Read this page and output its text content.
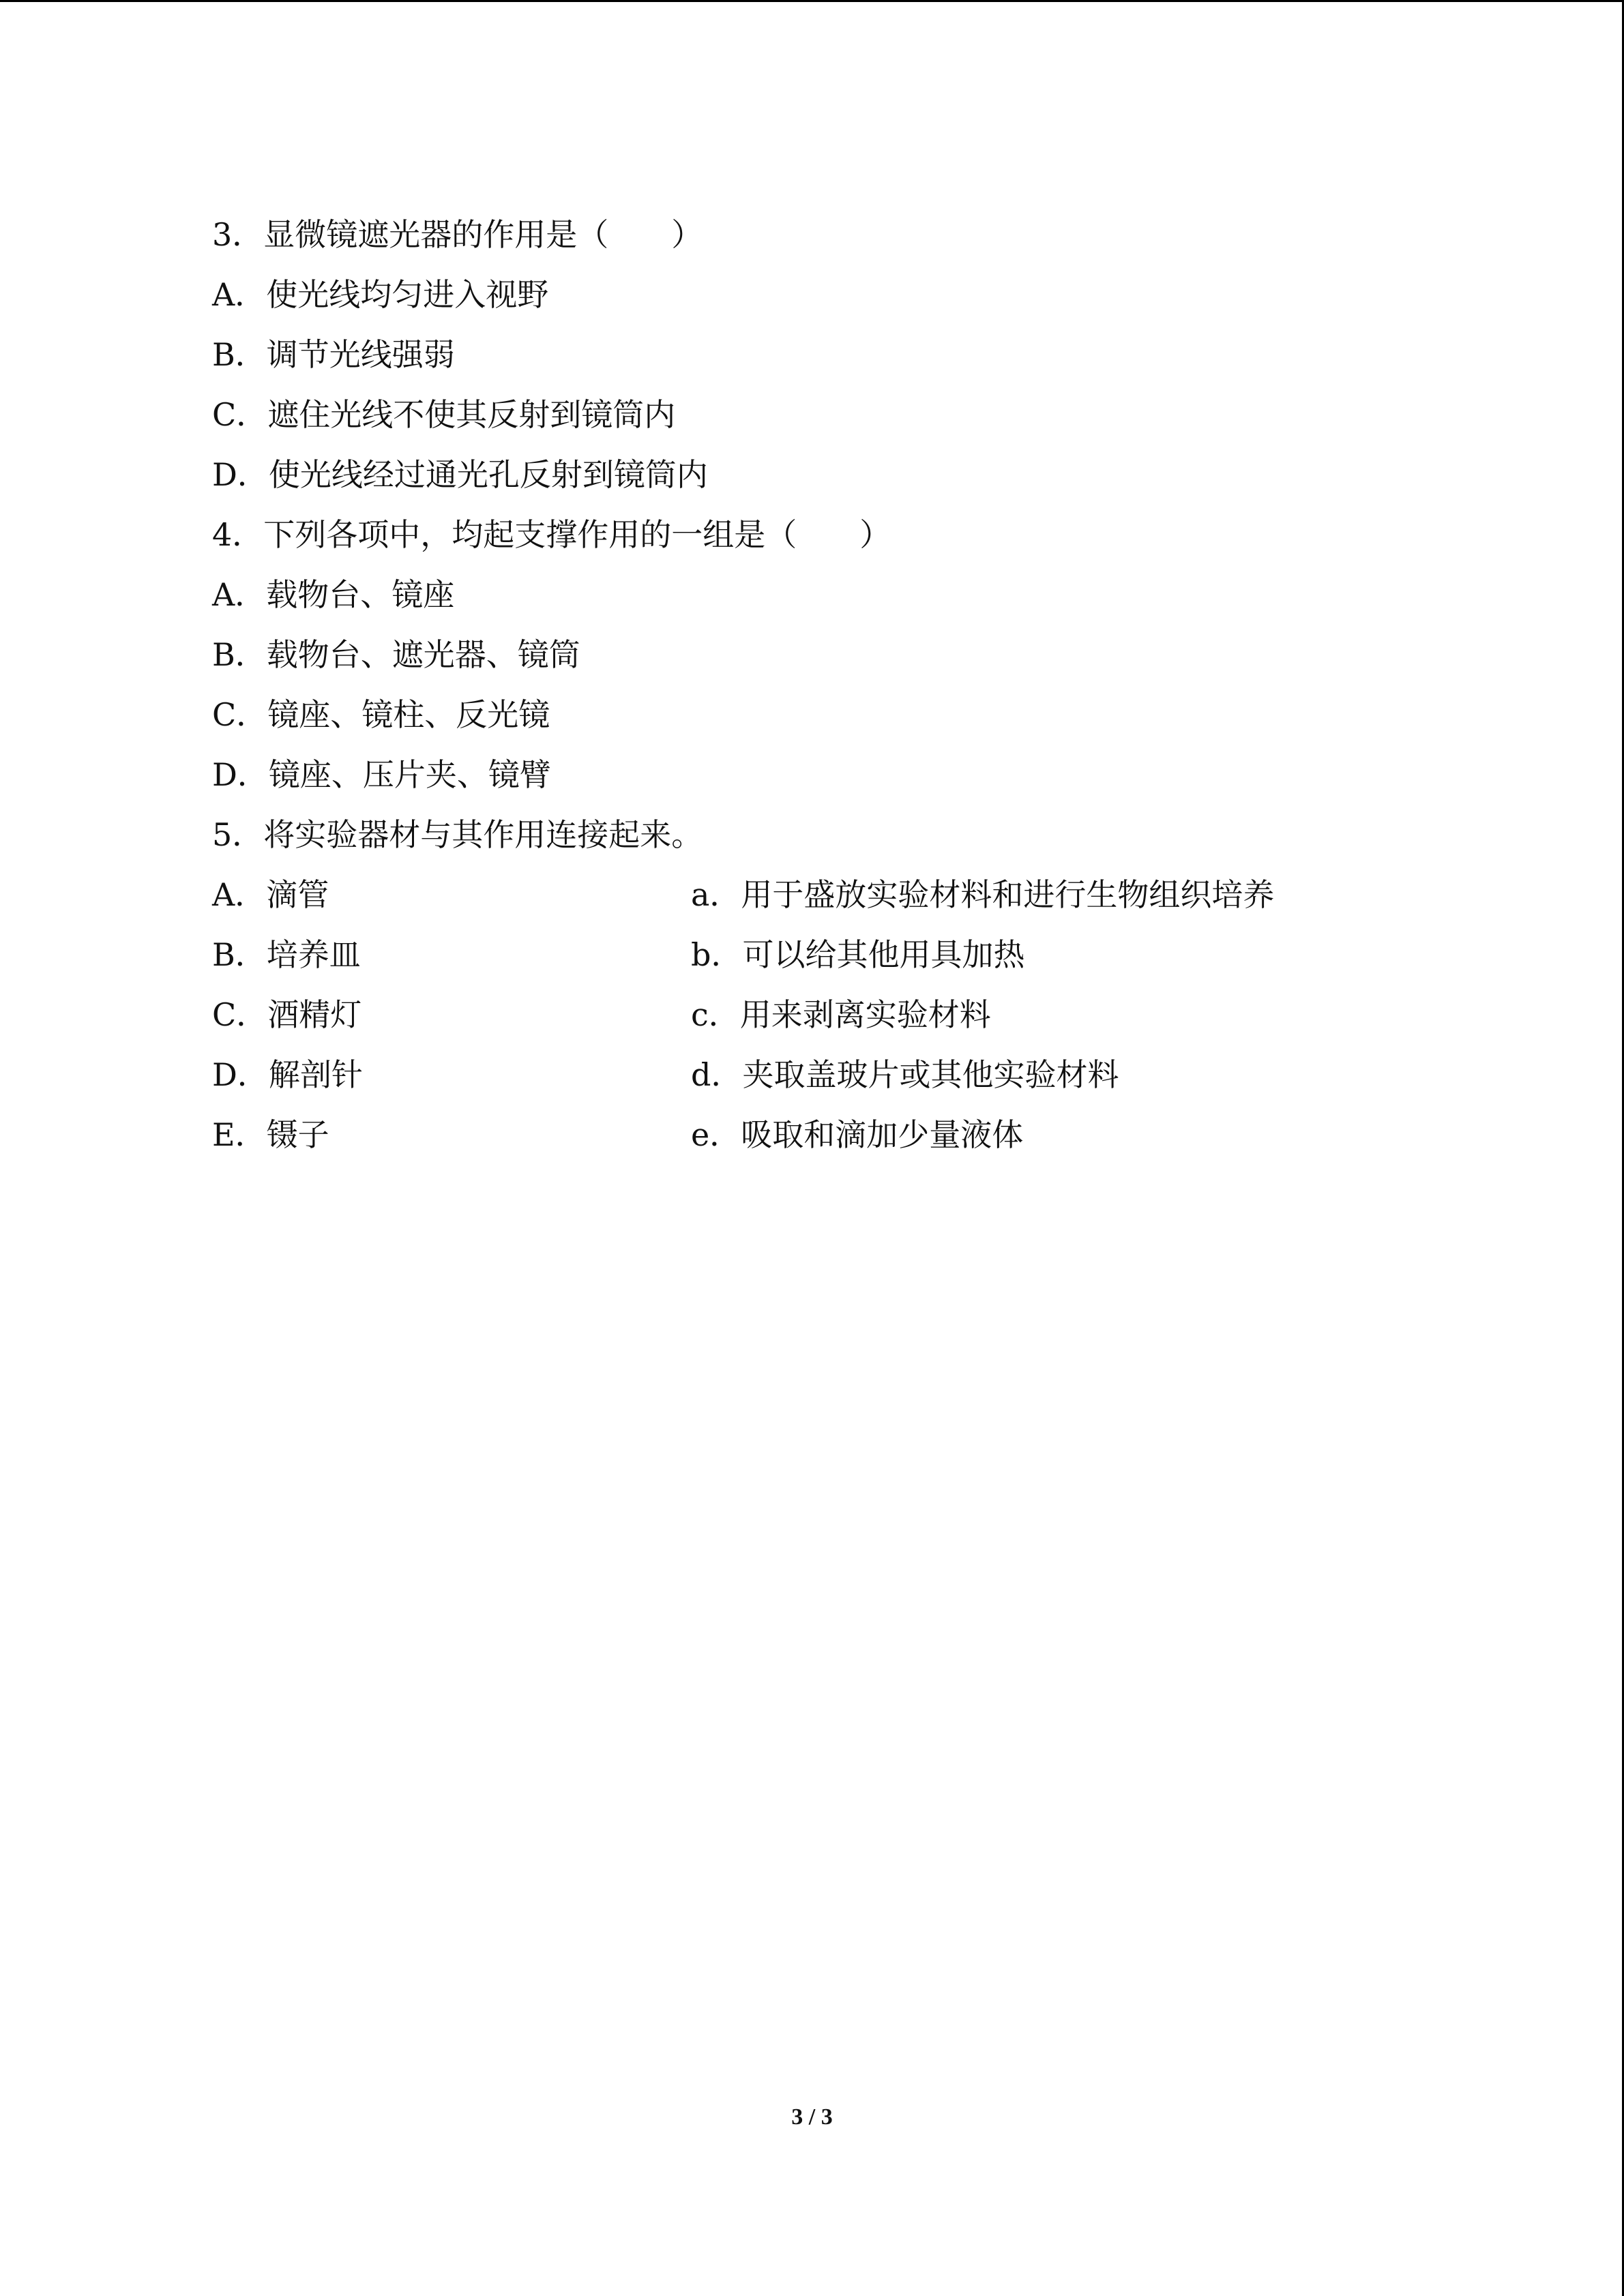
3．显微镜遮光器的作用是（　　）
A．使光线均匀进入视野
B．调节光线强弱
C．遮住光线不使其反射到镜筒内
D．使光线经过通光孔反射到镜筒内
4．下列各项中，均起支撑作用的一组是（　　）
A．载物台、镜座
B．载物台、遮光器、镜筒
C．镜座、镜柱、反光镜
D．镜座、压片夹、镜臂
5．将实验器材与其作用连接起来。
A．滴管	a．用于盛放实验材料和进行生物组织培养
B．培养皿	b．可以给其他用具加热
C．酒精灯	c．用来剥离实验材料
D．解剖针	d．夹取盖玻片或其他实验材料
E．镊子	e．吸取和滴加少量液体
3 / 3
